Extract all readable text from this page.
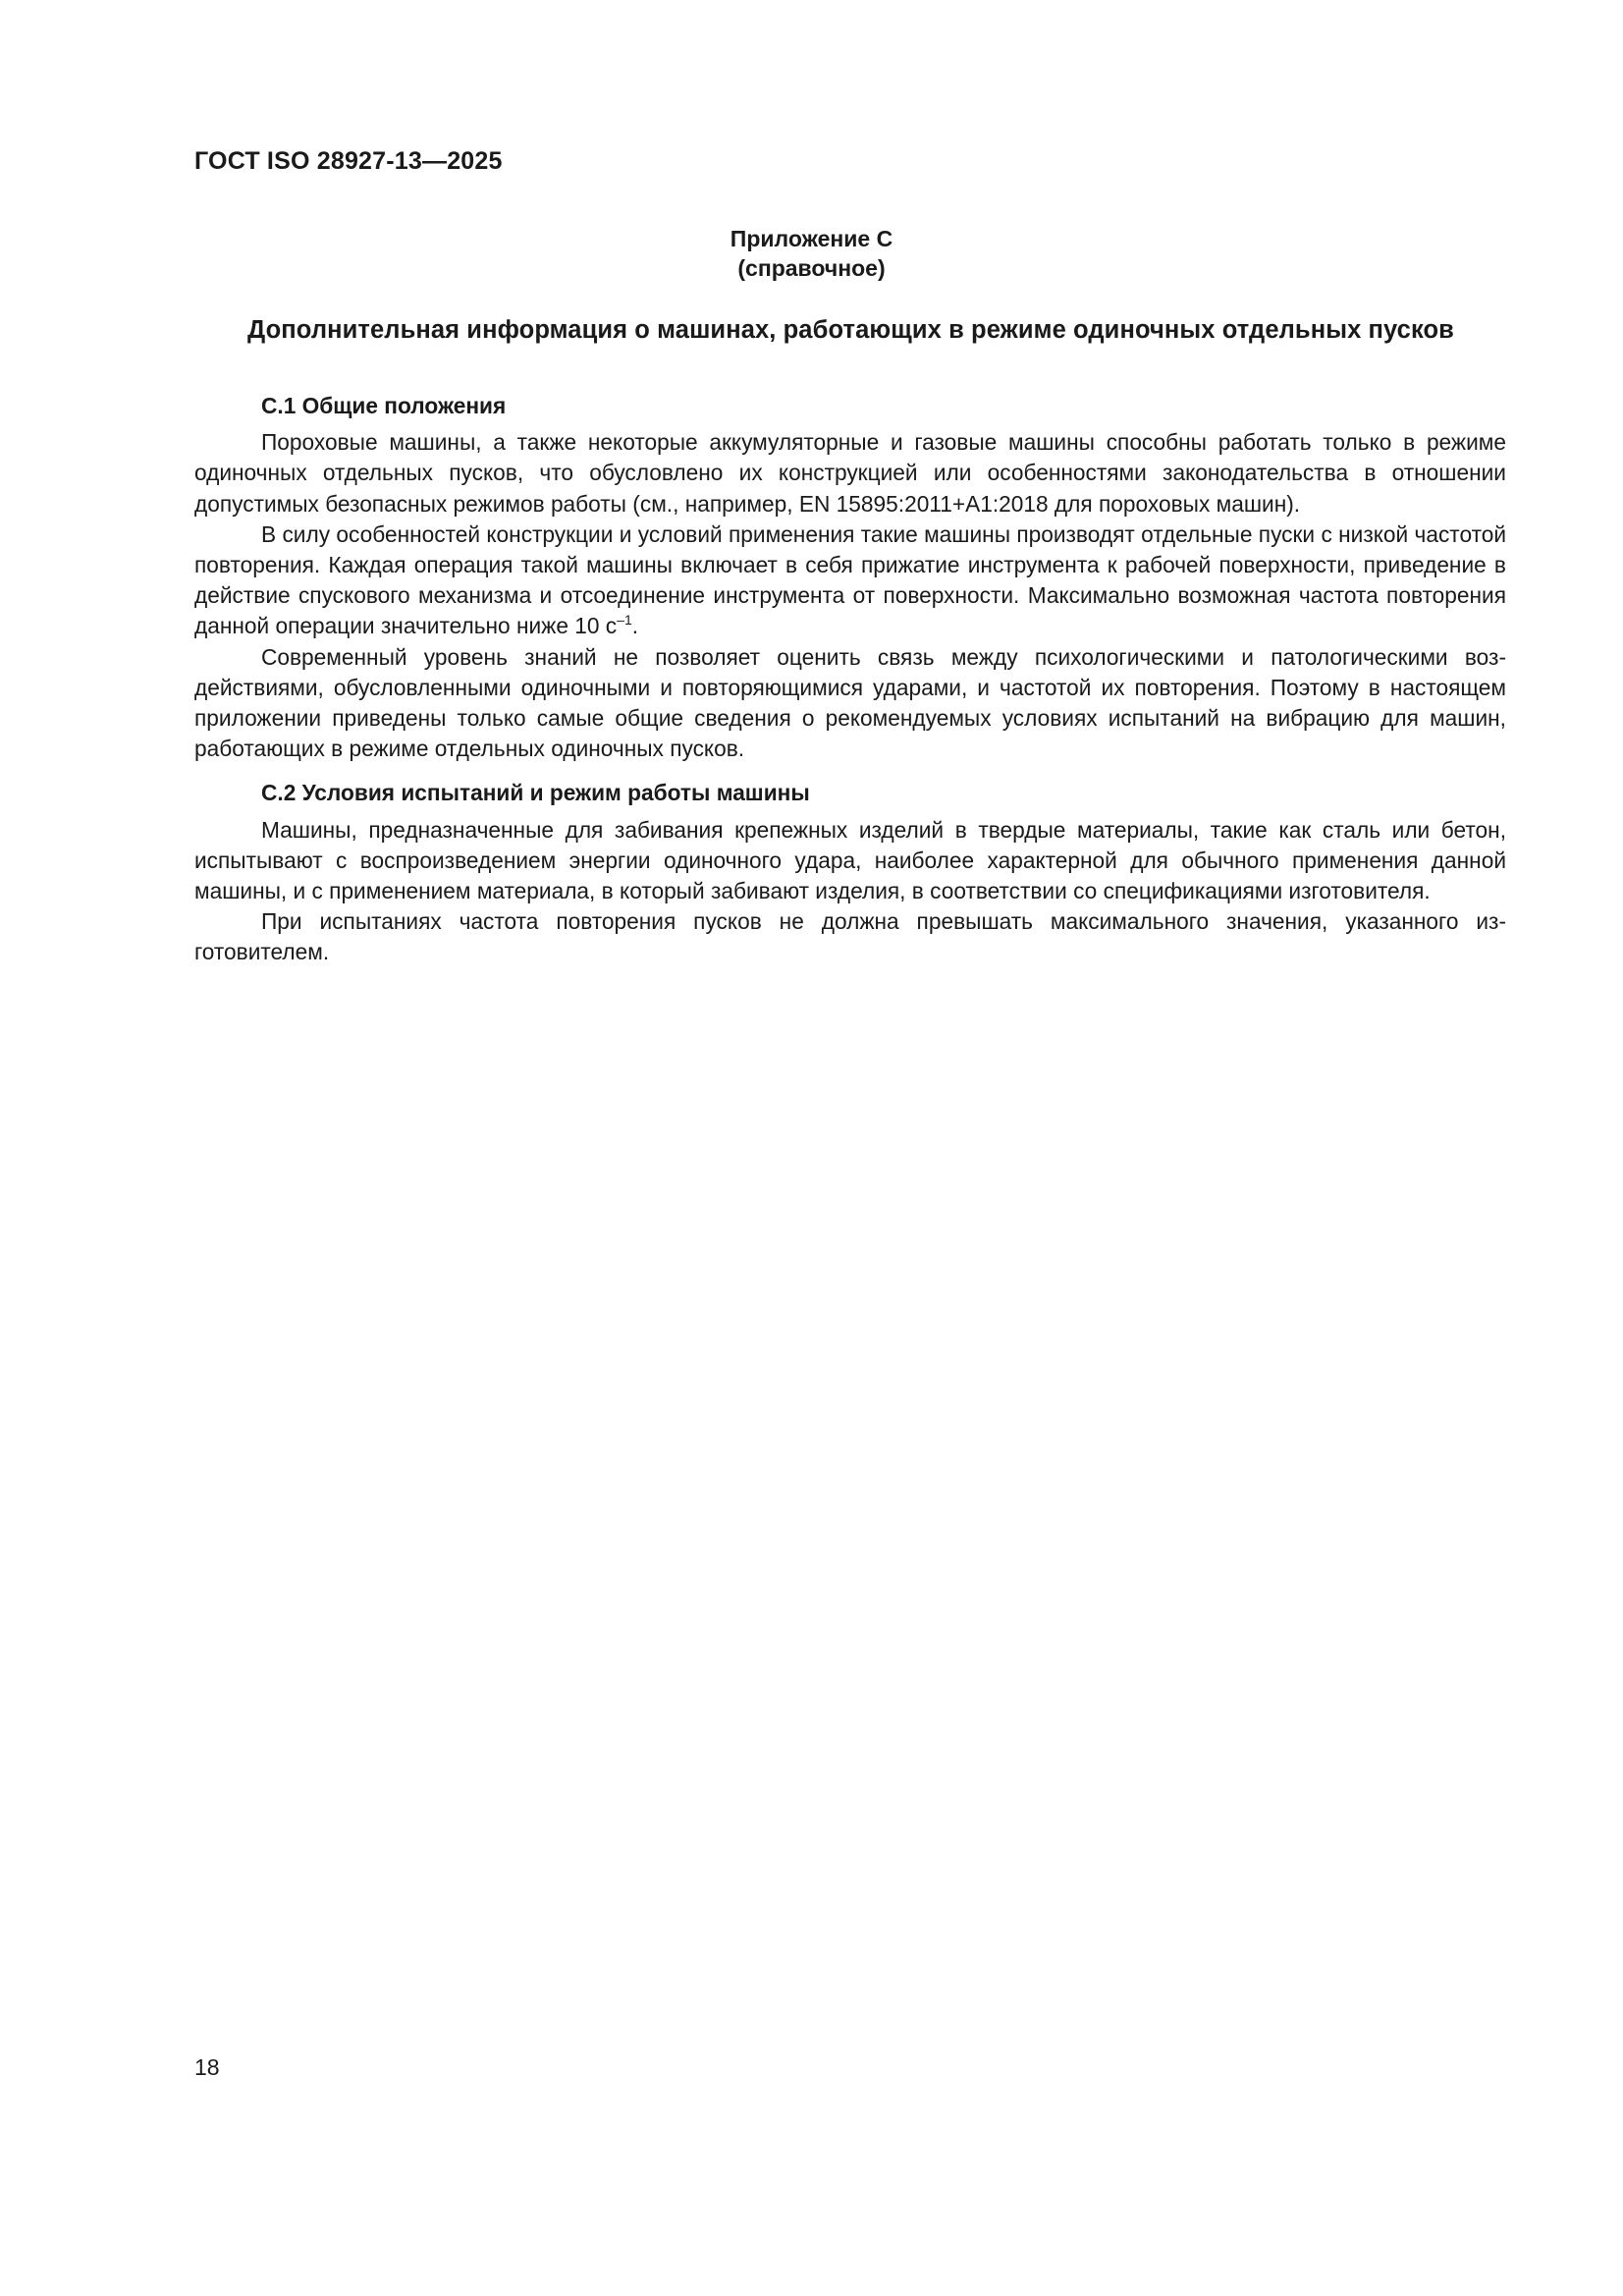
ГОСТ ISO 28927-13—2025
Приложение С
(справочное)
Дополнительная информация о машинах, работающих в режиме одиночных отдельных пусков
С.1 Общие положения

Пороховые машины, а также некоторые аккумуляторные и газовые машины способны работать только в режиме одиночных отдельных пусков, что обусловлено их конструкцией или особенностями законодательства в отношении допустимых безопасных режимов работы (см., например, EN 15895:2011+A1:2018 для пороховых машин).

В силу особенностей конструкции и условий применения такие машины производят отдельные пуски с низкой частотой повторения. Каждая операция такой машины включает в себя прижатие инструмента к рабочей поверхности, приведение в действие спускового механизма и отсоединение инструмента от поверхности. Максимально возможная частота повторения данной операции значительно ниже 10 $с^{-1}$.

Современный уровень знаний не позволяет оценить связь между психологическими и патологическими воздействиями, обусловленными одиночными и повторяющимися ударами, и частотой их повторения. Поэтому в настоящем приложении приведены только самые общие сведения о рекомендуемых условиях испытаний на вибрацию для машин, работающих в режиме отдельных одиночных пусков.

С.2 Условия испытаний и режим работы машины

Машины, предназначенные для забивания крепежных изделий в твердые материалы, такие как сталь или бетон, испытывают с воспроизведением энергии одиночного удара, наиболее характерной для обычного применения данной машины, и с применением материала, в который забивают изделия, в соответствии со спецификациями изготовителя.

При испытаниях частота повторения пусков не должна превышать максимального значения, указанного изготовителем.

18
